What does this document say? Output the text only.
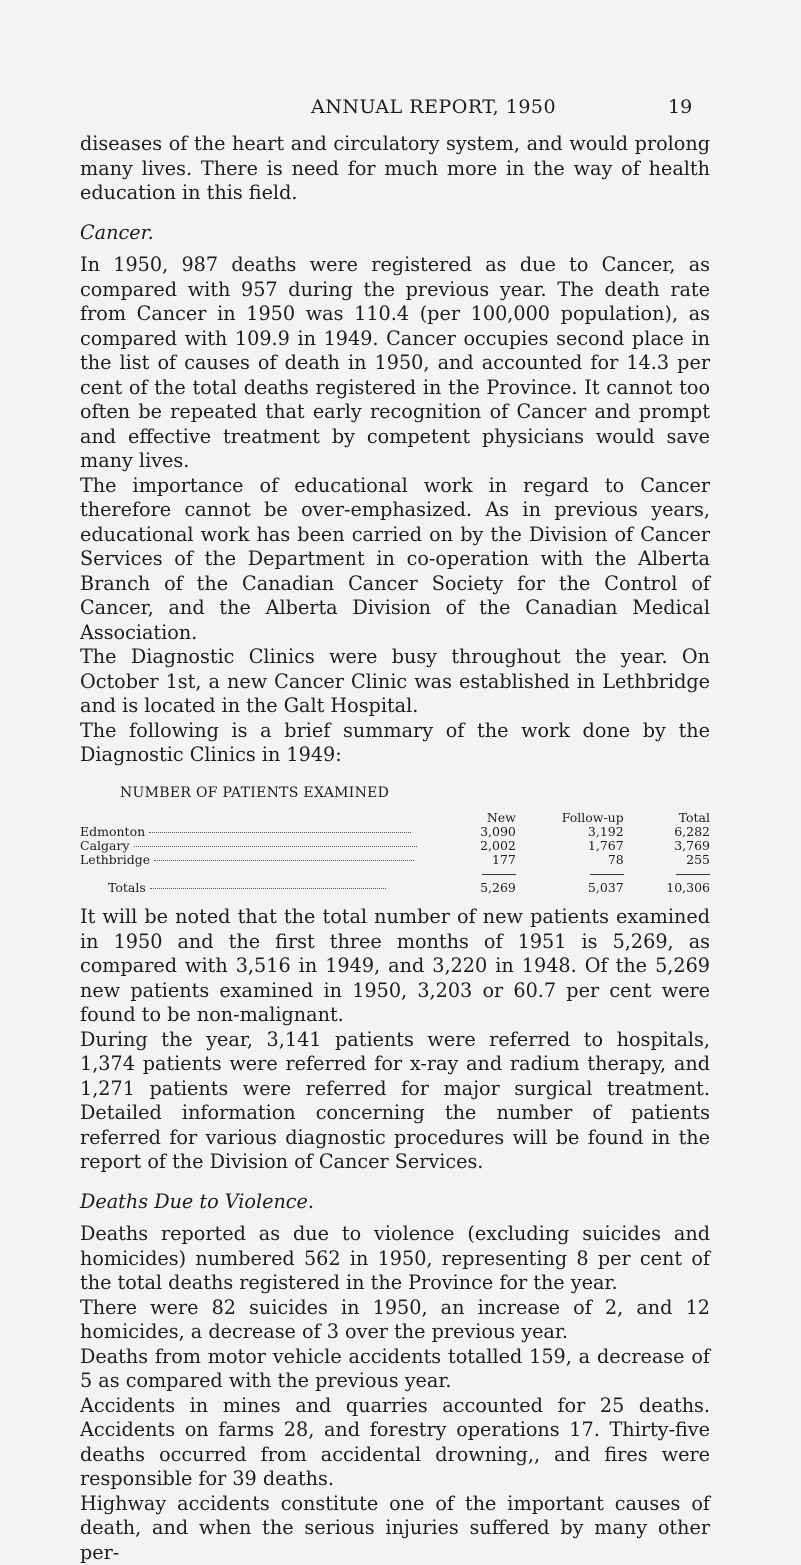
ANNUAL REPORT, 1950	19

diseases of the heart and circulatory system, and would prolong many lives. There is need for much more in the way of health education in this field.

Cancer.

In 1950, 987 deaths were registered as due to Cancer, as compared with 957 during the previous year. The death rate from Cancer in 1950 was 110.4 (per 100,000 population), as compared with 109.9 in 1949. Cancer occupies second place in the list of causes of death in 1950, and accounted for 14.3 per cent of the total deaths registered in the Province. It cannot too often be repeated that early recognition of Cancer and prompt and effective treatment by competent physicians would save many lives.

The importance of educational work in regard to Cancer therefore cannot be over-emphasized. As in previous years, educational work has been carried on by the Division of Cancer Services of the Department in co-operation with the Alberta Branch of the Canadian Cancer Society for the Control of Cancer, and the Alberta Division of the Canadian Medical Association.

The Diagnostic Clinics were busy throughout the year. On October 1st, a new Cancer Clinic was established in Lethbridge and is located in the Galt Hospital.

The following is a brief summary of the work done by the Diagnostic Clinics in 1949:

NUMBER OF PATIENTS EXAMINED
	New	Follow-up	Total
Edmonton	3,090	3,192	6,282
Calgary	2,002	1,767	3,769
Lethbridge	177	78	255

Totals	5,269	5,037	10,306

It will be noted that the total number of new patients examined in 1950 and the first three months of 1951 is 5,269, as compared with 3,516 in 1949, and 3,220 in 1948. Of the 5,269 new patients examined in 1950, 3,203 or 60.7 per cent were found to be non-malignant.

During the year, 3,141 patients were referred to hospitals, 1,374 patients were referred for x-ray and radium therapy, and 1,271 patients were referred for major surgical treatment. Detailed information concerning the number of patients referred for various diagnostic procedures will be found in the report of the Division of Cancer Services.

Deaths Due to Violence.

Deaths reported as due to violence (excluding suicides and homicides) numbered 562 in 1950, representing 8 per cent of the total deaths registered in the Province for the year.

There were 82 suicides in 1950, an increase of 2, and 12 homicides, a decrease of 3 over the previous year.

Deaths from motor vehicle accidents totalled 159, a decrease of 5 as compared with the previous year.

Accidents in mines and quarries accounted for 25 deaths. Accidents on farms 28, and forestry operations 17. Thirty-five deaths occurred from accidental drowning,, and fires were responsible for 39 deaths.

Highway accidents constitute one of the important causes of death, and when the serious injuries suffered by many other per-
